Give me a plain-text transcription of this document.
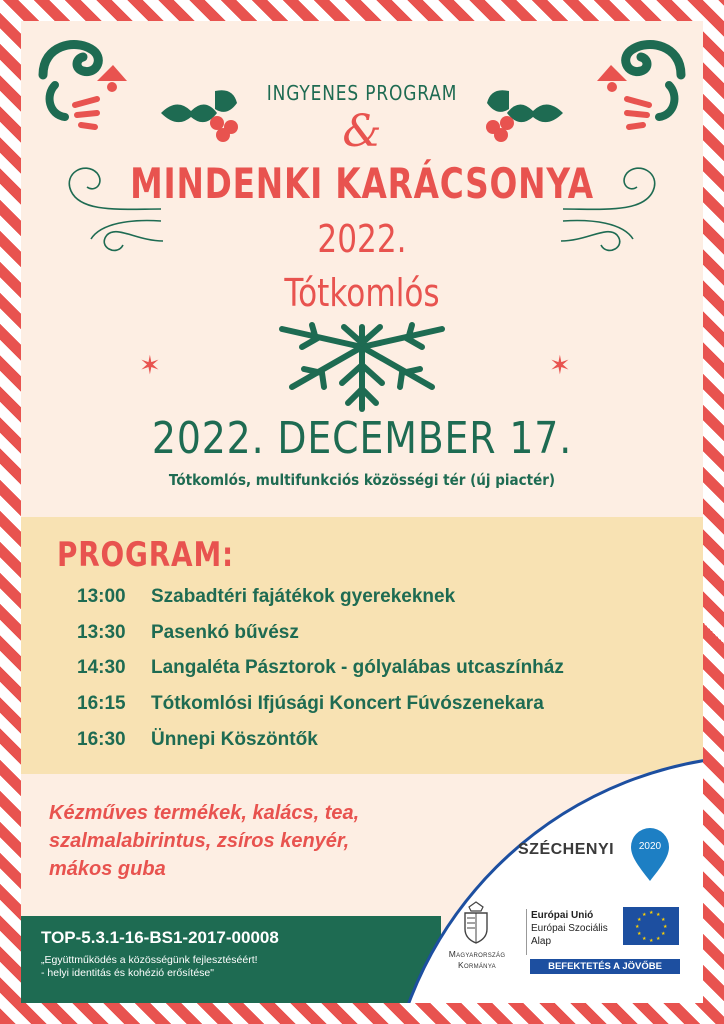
INGYENES PROGRAM
&
MINDENKI KARÁCSONYA
2022.
Tótkomlós
✶	✶
2022. DECEMBER 17.
Tótkomlós, multifunkciós közösségi tér (új piactér)
PROGRAM:
13:00 Szabadtéri fajátékok gyerekeknek
13:30 Pasenkó bűvész
14:30 Langaléta Pásztorok - gólyalábas utcaszínház
16:15 Tótkomlósi Ifjúsági Koncert Fúvószenekara
16:30 Ünnepi Köszöntők
Kézműves termékek, kalács, tea,
szalmalabirintus, zsíros kenyér,
mákos guba
TOP-5.3.1-16-BS1-2017-00008
„Együttműködés a közösségünk fejlesztéséért!
- helyi identitás és kohézió erősítése"
SZÉCHENYI	2020
Magyarország
Kormánya
Európai Unió
Európai Szociális
Alap
★ ★
★
★
★
★
★
★
★
★
★
★
BEFEKTETÉS A JÖVŐBE
